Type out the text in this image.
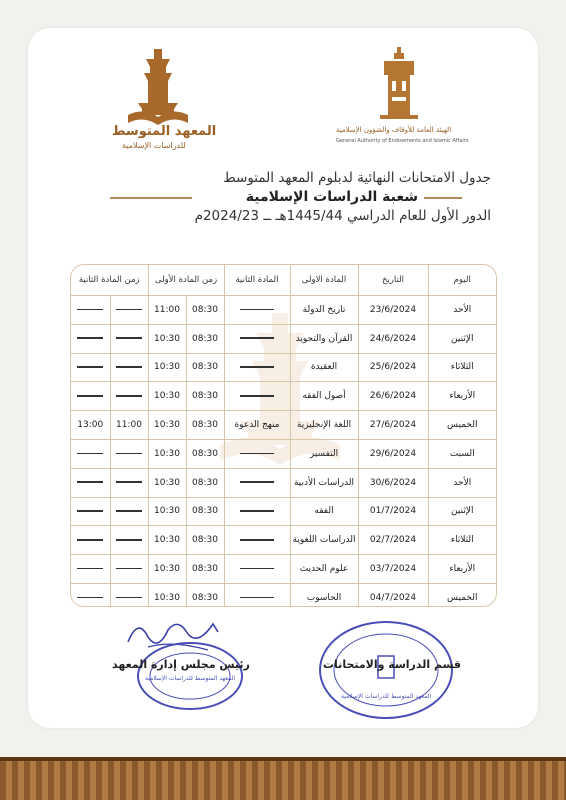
المعهد المتوسط
للدراسات الإسلامية
الهيئة العامة للأوقاف والشؤون الإسلامية
General Authority of Endowments and Islamic Affairs
جدول الامتحانات النهائية لدبلوم المعهد المتوسط
شعبة الدراسات الإسلامية
الدور الأول للعام الدراسي 1445/44هـ ــ 2024/23م
اليوم	التاريخ	المادة الاولى	المادة الثانية	زمن المادة الأولى		زمن المادة الثانية	
الأحد	23/6/2024	تاريخ الدولة		08:30	11:00		
الإثنين	24/6/2024	القرآن والتجويد		08:30	10:30		
الثلاثاء	25/6/2024	العقيدة		08:30	10:30		
الأربعاء	26/6/2024	أصول الفقه		08:30	10:30		
الخميس	27/6/2024	اللغة الإنجليزية	منهج الدعوة	08:30	10:30	11:00	13:00
السبت	29/6/2024	التفسير		08:30	10:30		
الأحد	30/6/2024	الدراسات الأدبية		08:30	10:30		
الإثنين	01/7/2024	الفقه		08:30	10:30		
الثلاثاء	02/7/2024	الدراسات اللغوية		08:30	10:30		
الأربعاء	03/7/2024	علوم الحديث		08:30	10:30		
الخميس	04/7/2024	الحاسوب		08:30	10:30		
المعهد المتوسط للدراسات الإسلامية
رئيس مجلس إدارة المعهد
المعهد المتوسط للدراسات الإسلامية
قسم الدراسة والامتحانات
